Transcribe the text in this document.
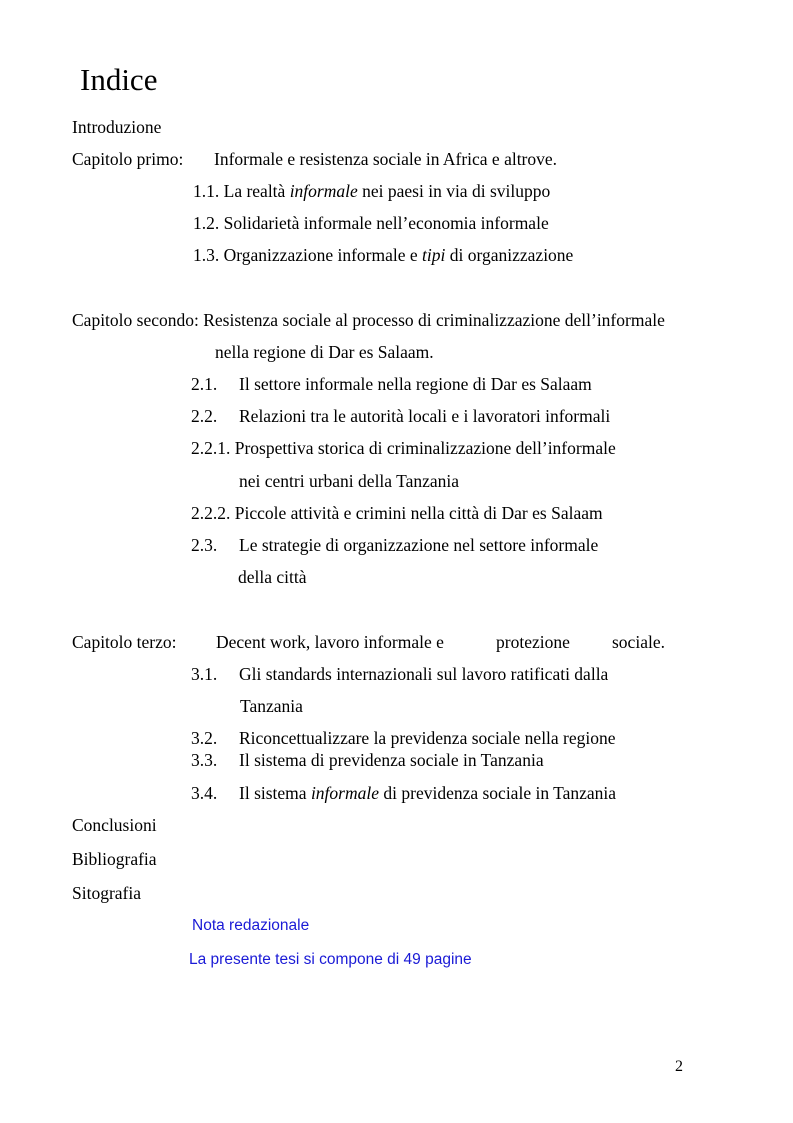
Indice
Introduzione
Capitolo primo: Informale e resistenza sociale in Africa e altrove.
1.1. La realtà informale nei paesi in via di sviluppo
1.2. Solidarietà informale nell’economia informale
1.3. Organizzazione informale e tipi di organizzazione
Capitolo secondo: Resistenza sociale al processo di criminalizzazione dell’informale
nella regione di Dar es Salaam.
2.1. Il settore informale nella regione di Dar es Salaam
2.2. Relazioni tra le autorità locali e i lavoratori informali
2.2.1. Prospettiva storica di criminalizzazione dell’informale
nei centri urbani della Tanzania
2.2.2. Piccole attività e crimini nella città di Dar es Salaam
2.3. Le strategie di organizzazione nel settore informale
della città
Capitolo terzo: Decent work, lavoro informale e	protezione sociale.
3.1. Gli standards internazionali sul lavoro ratificati dalla
Tanzania
3.2. Riconcettualizzare la previdenza sociale nella regione
3.3. Il sistema di previdenza sociale in Tanzania
3.4. Il sistema informale di previdenza sociale in Tanzania
Conclusioni
Bibliografia
Sitografia
Nota redazionale
La presente tesi si compone di 49 pagine
2
